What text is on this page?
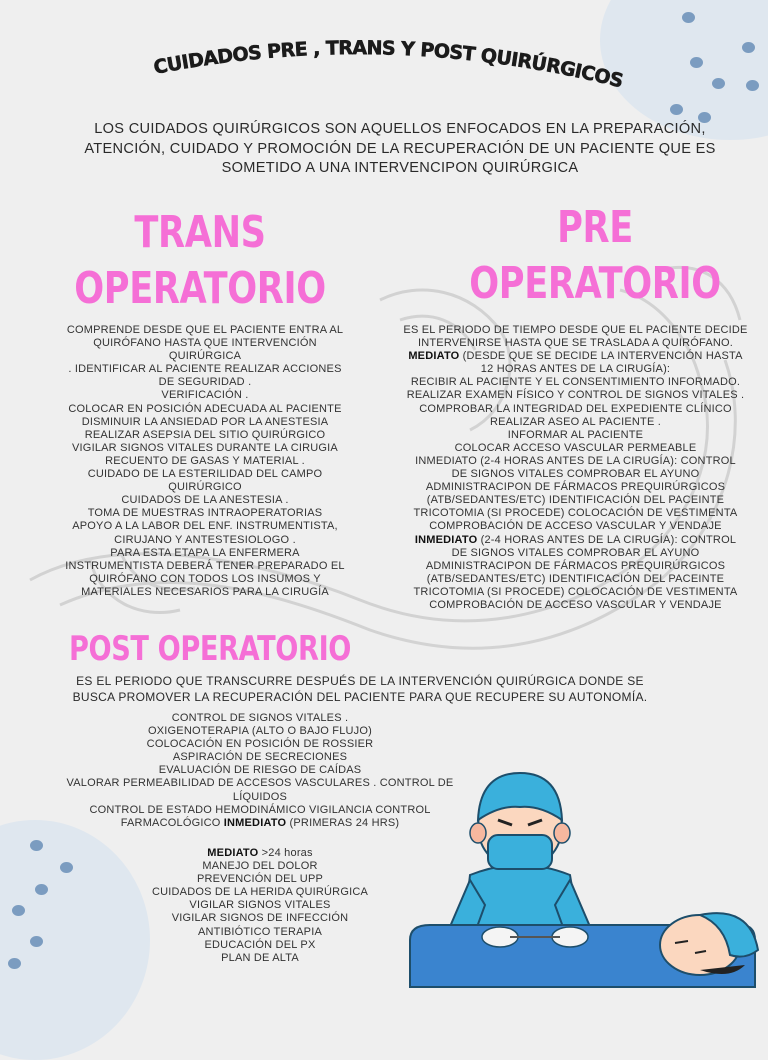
CUIDADOS PRE , TRANS Y POST QUIRÚRGICOS
LOS CUIDADOS QUIRÚRGICOS SON AQUELLOS ENFOCADOS EN LA PREPARACIÓN, ATENCIÓN, CUIDADO Y PROMOCIÓN DE LA RECUPERACIÓN DE UN PACIENTE QUE ES SOMETIDO A UNA INTERVENCIPON QUIRÚRGICA
TRANS
OPERATORIO
COMPRENDE DESDE QUE EL PACIENTE ENTRA AL
QUIRÓFANO HASTA QUE INTERVENCIÓN
QUIRÚRGICA
. IDENTIFICAR AL PACIENTE REALIZAR ACCIONES
DE SEGURIDAD .
VERIFICACIÓN .
COLOCAR EN POSICIÓN ADECUADA AL PACIENTE
DISMINUIR LA ANSIEDAD POR LA ANESTESIA
REALIZAR ASEPSIA DEL SITIO QUIRÚRGICO
VIGILAR SIGNOS VITALES DURANTE LA CIRUGIA
RECUENTO DE GASAS Y MATERIAL .
CUIDADO DE LA ESTERILIDAD DEL CAMPO
QUIRÚRGICO
CUIDADOS DE LA ANESTESIA .
TOMA DE MUESTRAS INTRAOPERATORIAS
APOYO A LA LABOR DEL ENF. INSTRUMENTISTA,
CIRUJANO Y ANTESTESIOLOGO .
PARA ESTA ETAPA LA ENFERMERA
INSTRUMENTISTA DEBERÁ TENER PREPARADO EL
QUIRÓFANO CON TODOS LOS INSUMOS Y
MATERIALES NECESARIOS PARA LA CIRUGÍA
PRE
OPERATORIO
ES EL PERIODO DE TIEMPO DESDE QUE EL PACIENTE DECIDE
INTERVENIRSE HASTA QUE SE TRASLADA A QUIRÓFANO.
MEDIATO (DESDE QUE SE DECIDE LA INTERVENCIÓN HASTA
12 HORAS ANTES DE LA CIRUGÍA):
RECIBIR AL PACIENTE Y EL CONSENTIMIENTO INFORMADO.
REALIZAR EXAMEN FÍSICO Y CONTROL DE SIGNOS VITALES .
COMPROBAR LA INTEGRIDAD DEL EXPEDIENTE CLÍNICO
REALIZAR ASEO AL PACIENTE .
INFORMAR AL PACIENTE
COLOCAR ACCESO VASCULAR PERMEABLE
INMEDIATO (2-4 HORAS ANTES DE LA CIRUGÍA): CONTROL
DE SIGNOS VITALES COMPROBAR EL AYUNO
ADMINISTRACIPON DE FÁRMACOS PREQUIRÚRGICOS
(ATB/SEDANTES/ETC) IDENTIFICACIÓN DEL PACEINTE
TRICOTOMIA (SI PROCEDE) COLOCACIÓN DE VESTIMENTA
COMPROBACIÓN DE ACCESO VASCULAR Y VENDAJE
INMEDIATO (2-4 HORAS ANTES DE LA CIRUGÍA): CONTROL
DE SIGNOS VITALES COMPROBAR EL AYUNO
ADMINISTRACIPON DE FÁRMACOS PREQUIRÚRGICOS
(ATB/SEDANTES/ETC) IDENTIFICACIÓN DEL PACEINTE
TRICOTOMIA (SI PROCEDE) COLOCACIÓN DE VESTIMENTA
COMPROBACIÓN DE ACCESO VASCULAR Y VENDAJE
POST OPERATORIO
ES EL PERIODO QUE TRANSCURRE DESPUÉS DE LA INTERVENCIÓN QUIRÚRGICA DONDE SE
BUSCA PROMOVER LA RECUPERACIÓN DEL PACIENTE PARA QUE RECUPERE SU AUTONOMÍA.
CONTROL DE SIGNOS VITALES .
OXIGENOTERAPIA (ALTO O BAJO FLUJO)
COLOCACIÓN EN POSICIÓN DE ROSSIER
ASPIRACIÓN DE SECRECIONES
EVALUACIÓN DE RIESGO DE CAÍDAS
VALORAR PERMEABILIDAD DE ACCESOS VASCULARES . CONTROL DE
LÍQUIDOS
CONTROL DE ESTADO HEMODINÁMICO VIGILANCIA CONTROL
FARMACOLÓGICO INMEDIATO (PRIMERAS 24 HRS)
MEDIATO >24 horas
MANEJO DEL DOLOR
PREVENCIÓN DEL UPP
CUIDADOS DE LA HERIDA QUIRÚRGICA
VIGILAR SIGNOS VITALES
VIGILAR SIGNOS DE INFECCIÓN
ANTIBIÓTICO TERAPIA
EDUCACIÓN DEL PX
PLAN DE ALTA
